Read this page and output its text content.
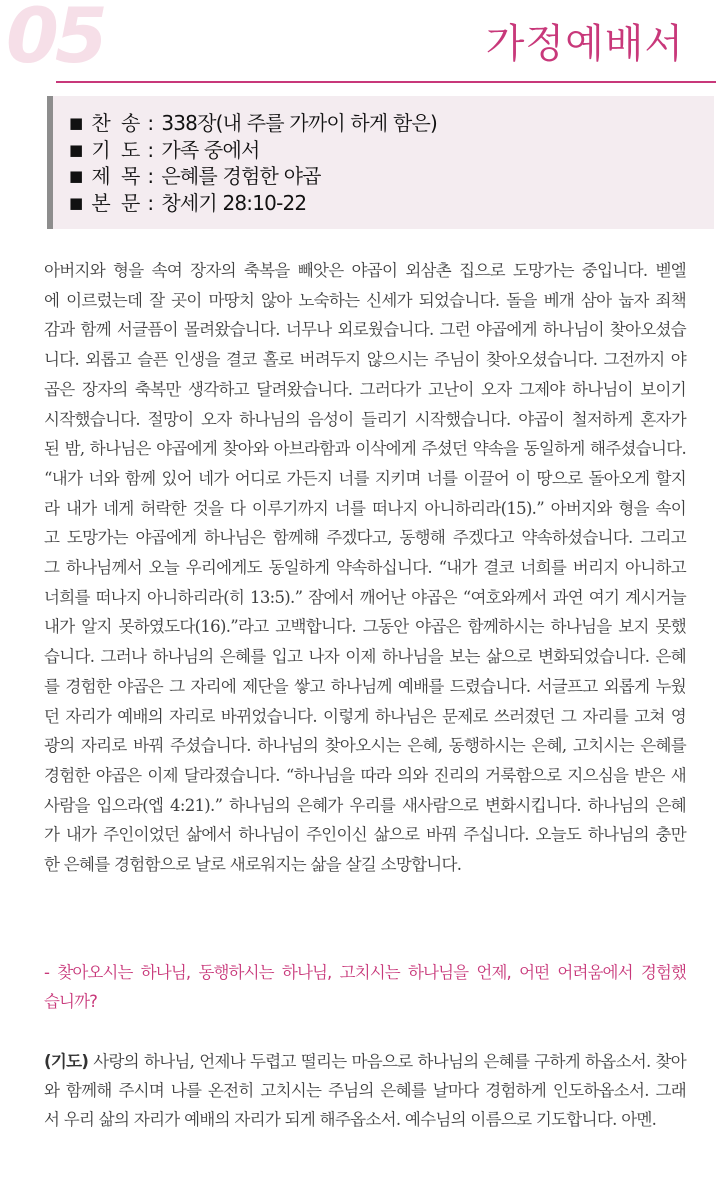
05	가정예배서
■ 찬 송 : 338장(내 주를 가까이 하게 함은)
■ 기 도 : 가족 중에서
■ 제 목 : 은혜를 경험한 야곱
■ 본 문 : 창세기 28:10-22

아버지와 형을 속여 장자의 축복을 빼앗은 야곱이 외삼촌 집으로 도망가는 중입니다. 벧엘
에 이르렀는데 잘 곳이 마땅치 않아 노숙하는 신세가 되었습니다. 돌을 베개 삼아 눕자 죄책
감과 함께 서글픔이 몰려왔습니다. 너무나 외로웠습니다. 그런 야곱에게 하나님이 찾아오셨습
니다. 외롭고 슬픈 인생을 결코 홀로 버려두지 않으시는 주님이 찾아오셨습니다. 그전까지 야
곱은 장자의 축복만 생각하고 달려왔습니다. 그러다가 고난이 오자 그제야 하나님이 보이기
시작했습니다. 절망이 오자 하나님의 음성이 들리기 시작했습니다. 야곱이 철저하게 혼자가
된 밤, 하나님은 야곱에게 찾아와 아브라함과 이삭에게 주셨던 약속을 동일하게 해주셨습니다.
“내가 너와 함께 있어 네가 어디로 가든지 너를 지키며 너를 이끌어 이 땅으로 돌아오게 할지
라 내가 네게 허락한 것을 다 이루기까지 너를 떠나지 아니하리라(15).” 아버지와 형을 속이
고 도망가는 야곱에게 하나님은 함께해 주겠다고, 동행해 주겠다고 약속하셨습니다. 그리고
그 하나님께서 오늘 우리에게도 동일하게 약속하십니다. “내가 결코 너희를 버리지 아니하고
너희를 떠나지 아니하리라(히 13:5).” 잠에서 깨어난 야곱은 “여호와께서 과연 여기 계시거늘
내가 알지 못하였도다(16).”라고 고백합니다. 그동안 야곱은 함께하시는 하나님을 보지 못했
습니다. 그러나 하나님의 은혜를 입고 나자 이제 하나님을 보는 삶으로 변화되었습니다. 은혜
를 경험한 야곱은 그 자리에 제단을 쌓고 하나님께 예배를 드렸습니다. 서글프고 외롭게 누웠
던 자리가 예배의 자리로 바뀌었습니다. 이렇게 하나님은 문제로 쓰러졌던 그 자리를 고쳐 영
광의 자리로 바꿔 주셨습니다. 하나님의 찾아오시는 은혜, 동행하시는 은혜, 고치시는 은혜를
경험한 야곱은 이제 달라졌습니다. “하나님을 따라 의와 진리의 거룩함으로 지으심을 받은 새
사람을 입으라(엡 4:21).” 하나님의 은혜가 우리를 새사람으로 변화시킵니다. 하나님의 은혜
가 내가 주인이었던 삶에서 하나님이 주인이신 삶으로 바꿔 주십니다. 오늘도 하나님의 충만
한 은혜를 경험함으로 날로 새로워지는 삶을 살길 소망합니다.

- 찾아오시는 하나님, 동행하시는 하나님, 고치시는 하나님을 언제, 어떤 어려움에서 경험했
습니까?

(기도) 사랑의 하나님, 언제나 두렵고 떨리는 마음으로 하나님의 은혜를 구하게 하옵소서. 찾아
와 함께해 주시며 나를 온전히 고치시는 주님의 은혜를 날마다 경험하게 인도하옵소서. 그래
서 우리 삶의 자리가 예배의 자리가 되게 해주옵소서. 예수님의 이름으로 기도합니다. 아멘.
